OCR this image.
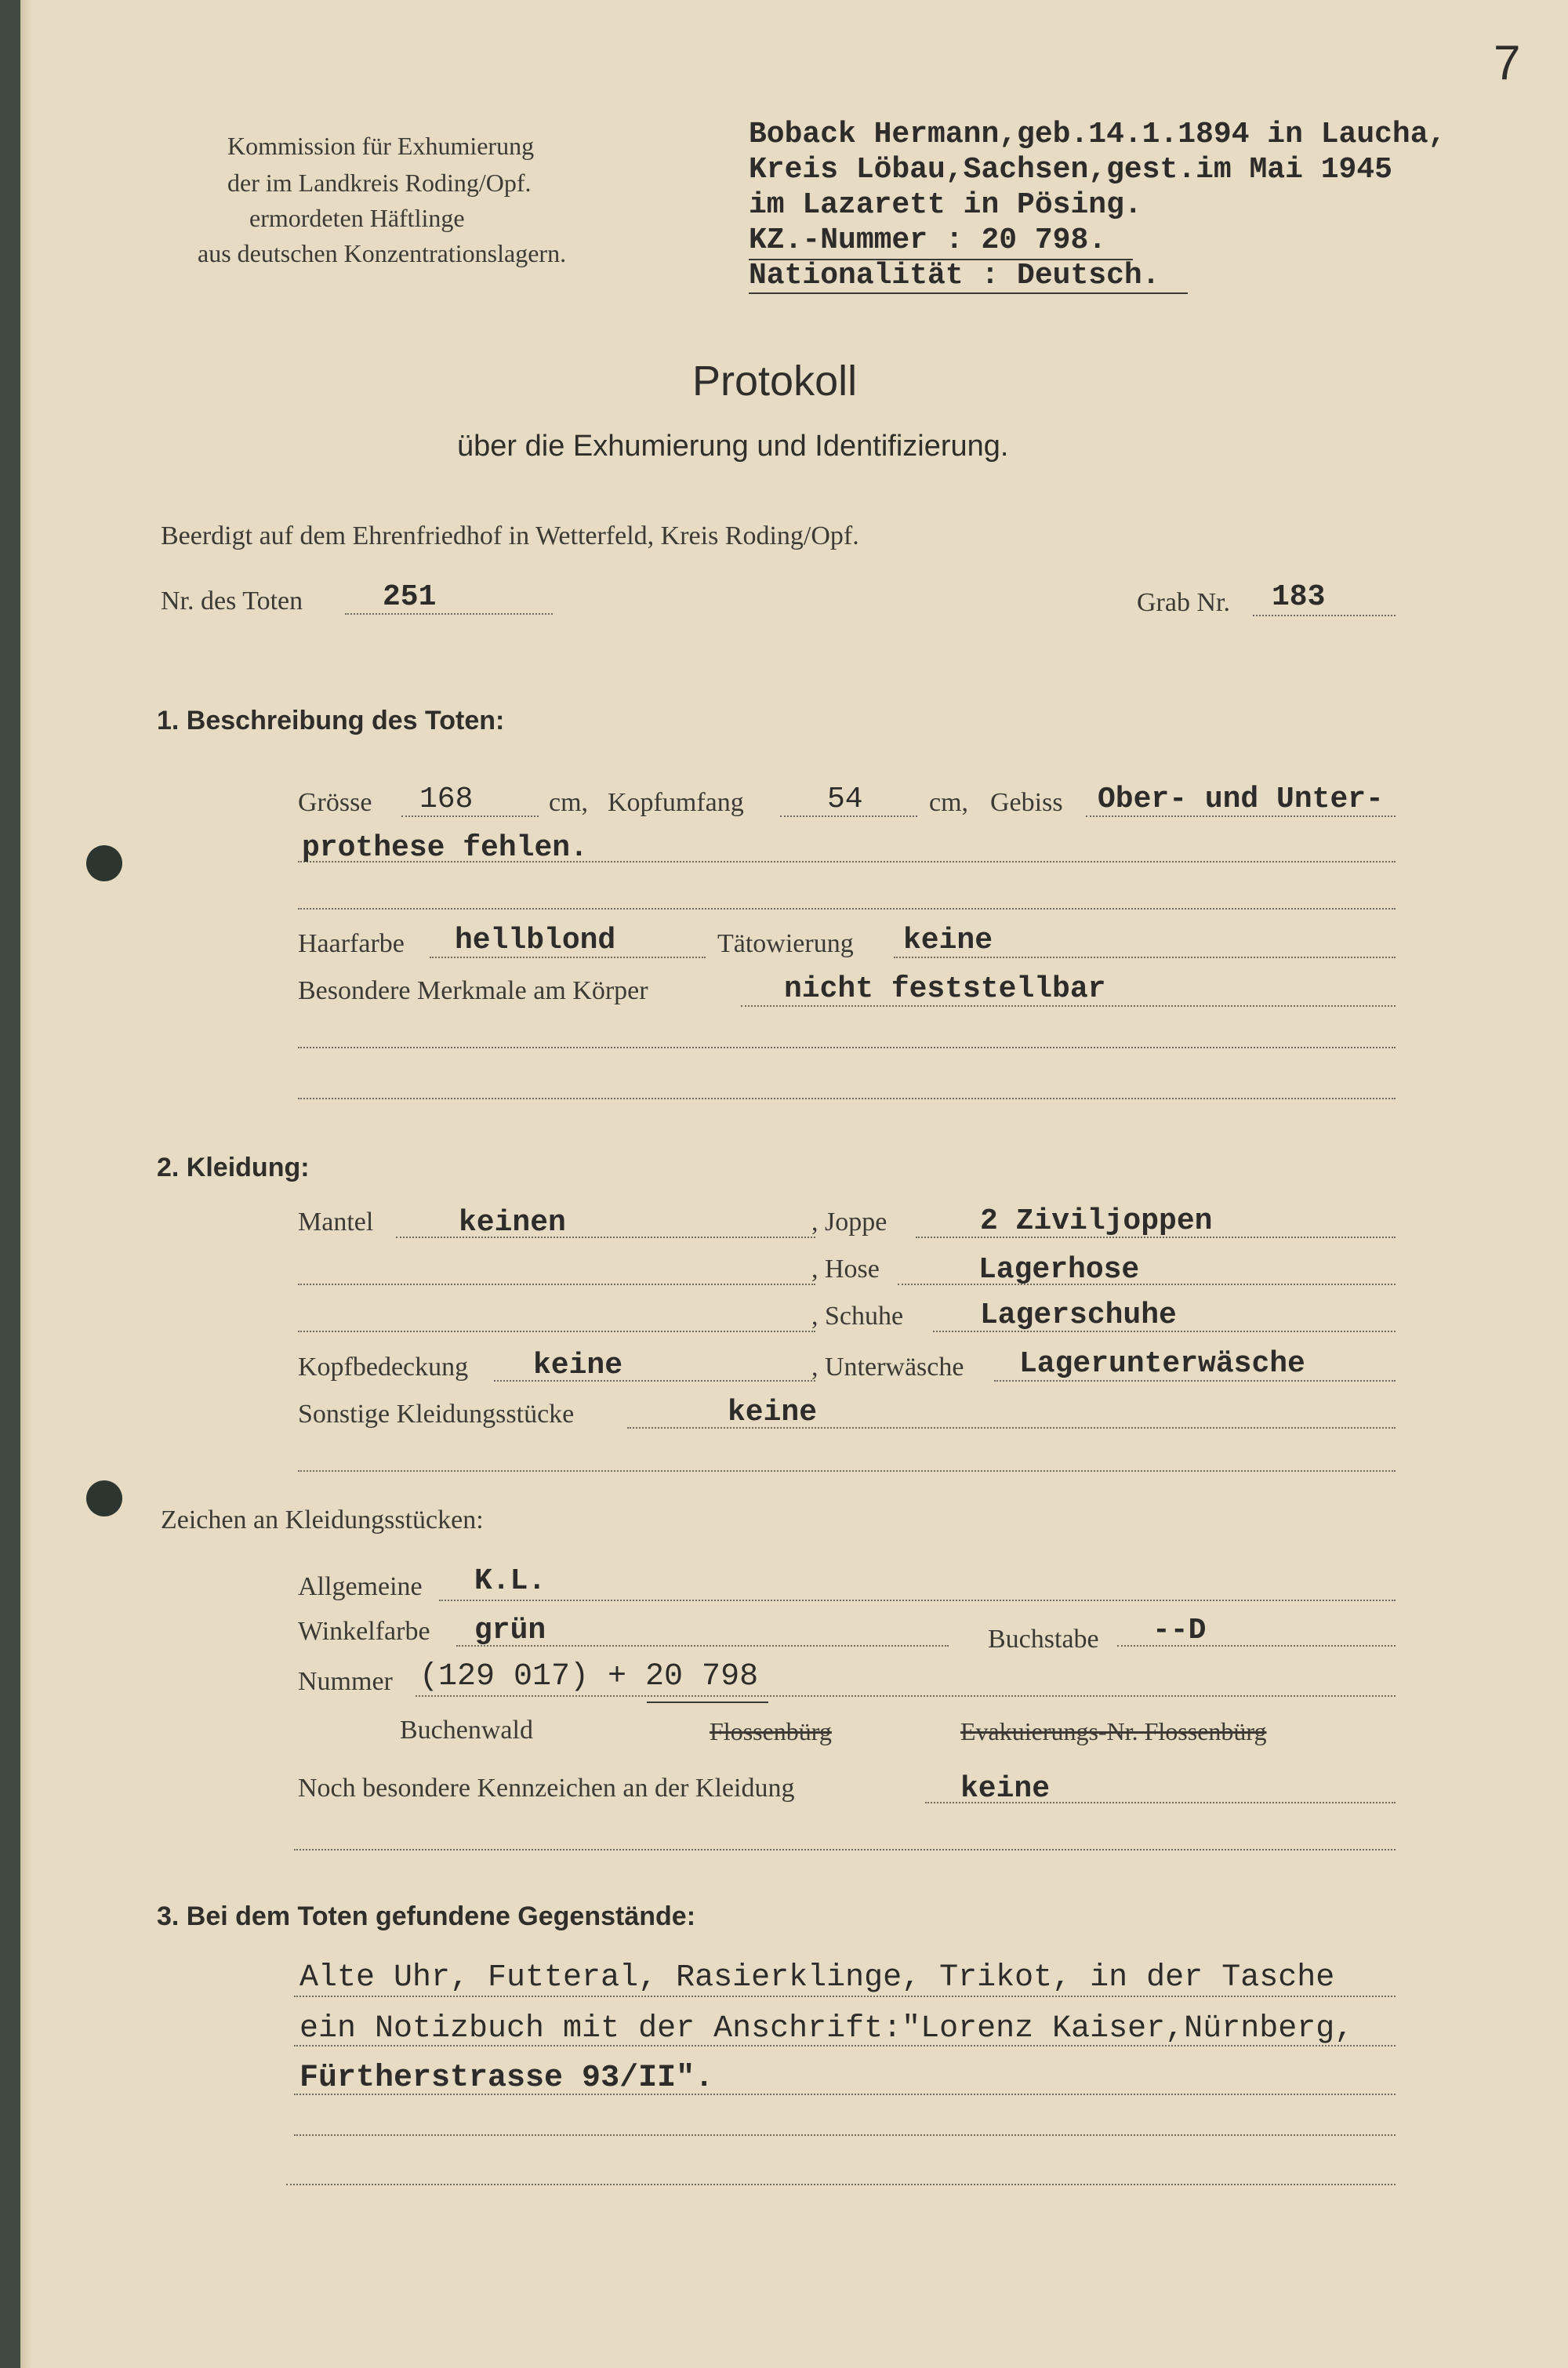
7
Kommission für Exhumierung
der im Landkreis Roding/Opf.
ermordeten Häftlinge
aus deutschen Konzentrationslagern.
Boback Hermann,geb.14.1.1894 in Laucha,
Kreis Löbau,Sachsen,gest.im Mai 1945
im Lazarett in Pösing.
KZ.-Nummer : 20 798.
Nationalität : Deutsch.
Protokoll
über die Exhumierung und Identifizierung.
Beerdigt auf dem Ehrenfriedhof in Wetterfeld, Kreis Roding/Opf.
Nr. des Toten	251	Grab Nr. 183
1. Beschreibung des Toten:
Grösse 168	cm, Kopfumfang	54 cm, Gebiss Ober- und Unter-
prothese fehlen.
Haarfarbe hellblond	Tätowierung keine
Besondere Merkmale am Körper	nicht feststellbar
2. Kleidung:
Mantel	keinen	, Joppe	2 Ziviljoppen
, Hose	Lagerhose
, Schuhe	Lagerschuhe
Kopfbedeckung keine	, Unterwäsche Lagerunterwäsche
Sonstige Kleidungsstücke	keine
Zeichen an Kleidungsstücken:
Allgemeine K.L.
Winkelfarbe grün	Buchstabe --D
Nummer (129 017) + 20 798
Buchenwald	Flossenbürg	Evakuierungs-Nr. Flossenbürg
Noch besondere Kennzeichen an der Kleidung	keine
3. Bei dem Toten gefundene Gegenstände:
Alte Uhr, Futteral, Rasierklinge, Trikot, in der Tasche
ein Notizbuch mit der Anschrift:"Lorenz Kaiser,Nürnberg,
Fürtherstrasse 93/II".
